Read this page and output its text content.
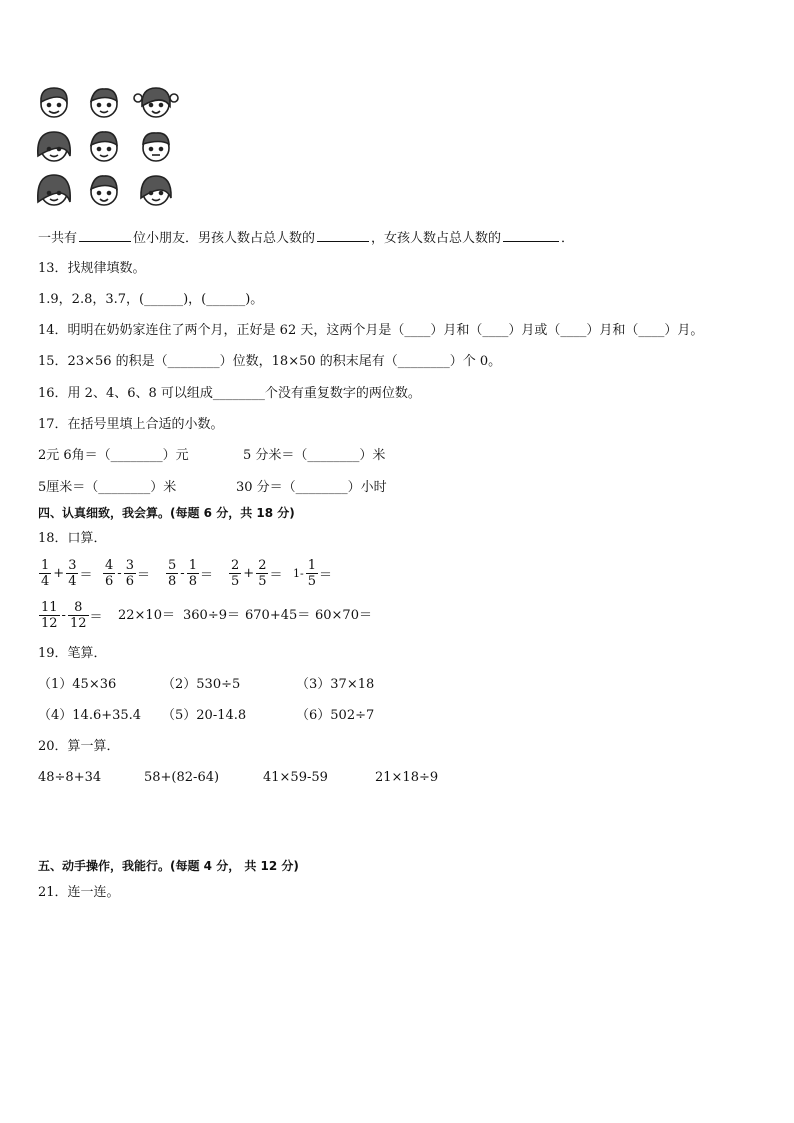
一共有	位小朋友．男孩人数占总人数的	，女孩人数占总人数的	．
13．找规律填数。
1.9，2.8，3.7，(______)，(______)。
14．明明在奶奶家连住了两个月，正好是 62 天，这两个月是（____）月和（____）月或（____）月和（____）月。
15．23×56 的积是（________）位数，18×50 的积末尾有（________）个 0。
16．用 2、4、6、8 可以组成________个没有重复数字的两位数。
17．在括号里填上合适的小数。
2元 6角＝（________）元	5 分米＝（________）米
5厘米＝（________）米	30 分＝（________）小时
四、认真细致，我会算。(每题 6 分，共 18 分)
18．口算．
$\frac{1}{4} + \frac{3}{4} = \frac{4}{6} - \frac{3}{6} = \frac{5}{8} - \frac{1}{8} = \frac{2}{5} + \frac{2}{5} = 1- \frac{1}{5}$ ＝
$\frac{11}{12} - \frac{8}{12} = 22\times 10= 360\div 9= 670+45= 60\times 70=$
19．笔算．
（1）45×36	（2）530÷5	（3）37×18
（4）14.6+35.4 （5）20-14.8	（6）502÷7
20．算一算．
48÷8+34	58+(82-64)	41×59-59	21×18÷9
五、动手操作，我能行。(每题 4 分， 共 12 分)
21．连一连。
